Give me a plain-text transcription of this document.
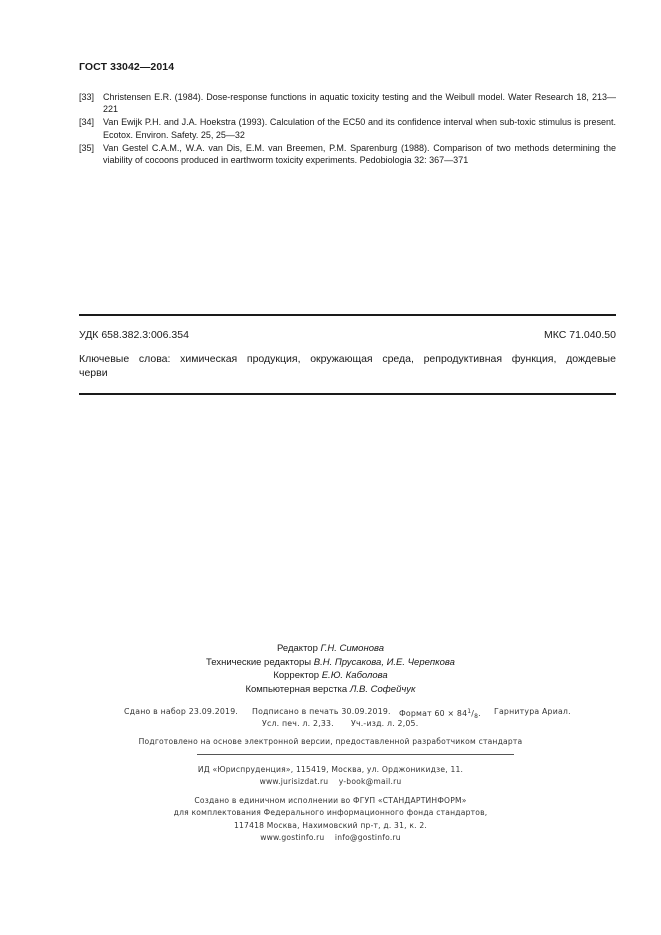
ГОСТ 33042—2014
[33] Christensen E.R. (1984). Dose-response functions in aquatic toxicity testing and the Weibull model. Water Research 18, 213—221
[34] Van Ewijk P.H. and J.A. Hoekstra (1993). Calculation of the EC50 and its confidence interval when sub-toxic stimulus is present. Ecotox. Environ. Safety. 25, 25—32
[35] Van Gestel C.A.M., W.A. van Dis, E.M. van Breemen, P.M. Sparenburg (1988). Comparison of two methods determining the viability of cocoons produced in earthworm toxicity experiments. Pedobiologia 32: 367—371
УДК 658.382.3:006.354	МКС 71.040.50
Ключевые слова: химическая продукция, окружающая среда, репродуктивная функция, дождевые
черви
Редактор Г.Н. Симонова
Технические редакторы В.Н. Прусакова, И.Е. Черепкова
Корректор Е.Ю. Каболова
Компьютерная верстка Л.В. Софейчук
Сдано в набор 23.09.2019. Подписано в печать 30.09.2019. Формат $60 \times 84^1/_8$. Гарнитура Ариал.
Усл. печ. л. 2,33. Уч.-изд. л. 2,05.
Подготовлено на основе электронной версии, предоставленной разработчиком стандарта
ИД «Юриспруденция», 115419, Москва, ул. Орджоникидзе, 11.
www.jurisizdat.ru y-book@mail.ru
Создано в единичном исполнении во ФГУП «СТАНДАРТИНФОРМ»
для комплектования Федерального информационного фонда стандартов,
117418 Москва, Нахимовский пр-т, д. 31, к. 2.
www.gostinfo.ru info@gostinfo.ru
